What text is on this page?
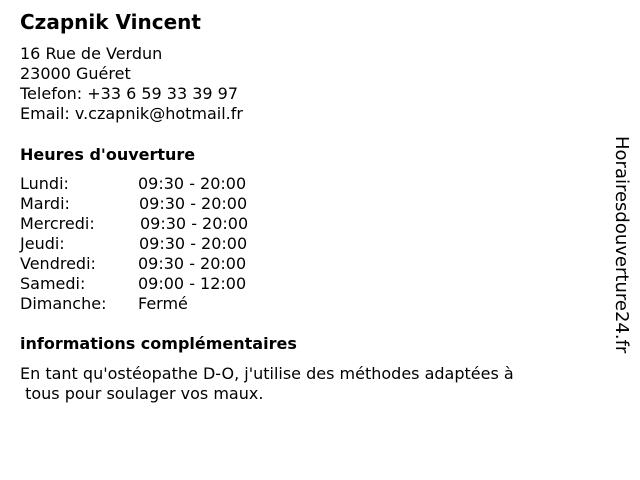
Czapnik Vincent
16 Rue de Verdun
23000 Guéret
Telefon: +33 6 59 33 39 97
Email: v.czapnik@hotmail.fr
Heures d'ouverture
Lundi:	09:30 - 20:00
Mardi:	09:30 - 20:00
Mercredi:	09:30 - 20:00
Jeudi:	09:30 - 20:00
Vendredi:	09:30 - 20:00
Samedi:	09:00 - 12:00
Dimanche: Fermé
informations complémentaires
En tant qu'ostéopathe D-O, j'utilise des méthodes adaptées à
tous pour soulager vos maux.
Horairesdouverture24.fr
